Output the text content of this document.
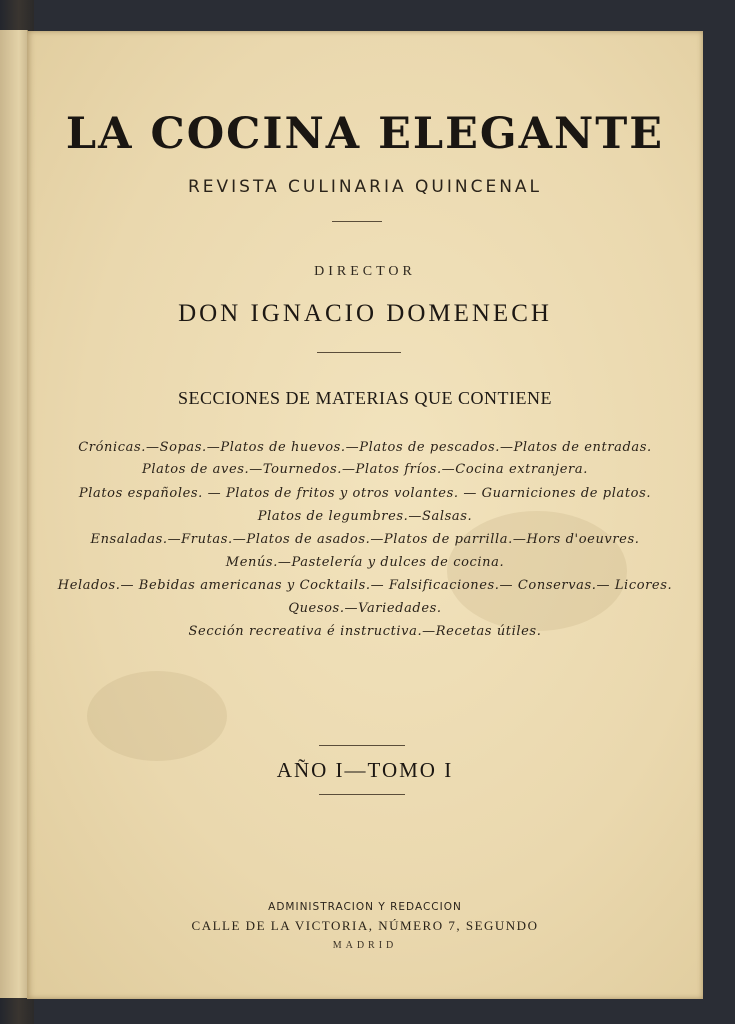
LA COCINA ELEGANTE
REVISTA CULINARIA QUINCENAL
DIRECTOR
DON IGNACIO DOMENECH
SECCIONES DE MATERIAS QUE CONTIENE
Crónicas.—Sopas.—Platos de huevos.—Platos de pescados.—Platos de entradas.
Platos de aves.—Tournedos.—Platos fríos.—Cocina extranjera.
Platos españoles. — Platos de fritos y otros volantes. — Guarniciones de platos.
Platos de legumbres.—Salsas.
Ensaladas.—Frutas.—Platos de asados.—Platos de parrilla.—Hors d'oeuvres.
Menús.—Pastelería y dulces de cocina.
Helados.— Bebidas americanas y Cocktails.— Falsificaciones.— Conservas.— Licores.
Quesos.—Variedades.
Sección recreativa é instructiva.—Recetas útiles.
AÑO I—TOMO I
ADMINISTRACION Y REDACCION
CALLE DE LA VICTORIA, NÚMERO 7, SEGUNDO
MADRID
